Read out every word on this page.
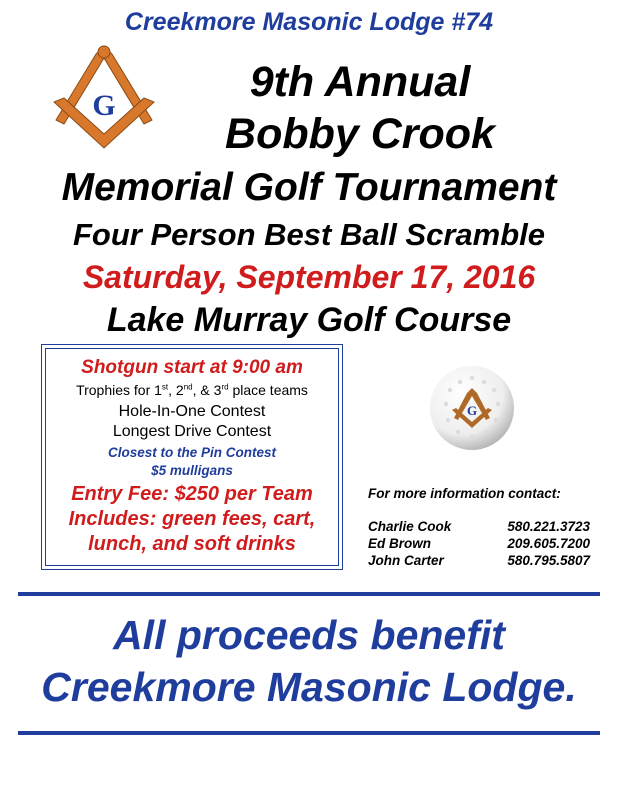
Creekmore Masonic Lodge #74
G	9th Annual
Bobby Crook
Memorial Golf Tournament
Four Person Best Ball Scramble
Saturday, September 17, 2016
Lake Murray Golf Course
Shotgun start at 9:00 am
Trophies for 1st, 2nd, & 3rd place teams
Hole-In-One Contest
Longest Drive Contest
Closest to the Pin Contest
$5 mulligans
Entry Fee: $250 per Team
Includes: green fees, cart,
lunch, and soft drinks
G
For more information contact:
Charlie Cook	580.221.3723
Ed Brown	209.605.7200
John Carter	580.795.5807
All proceeds benefit
Creekmore Masonic Lodge.
